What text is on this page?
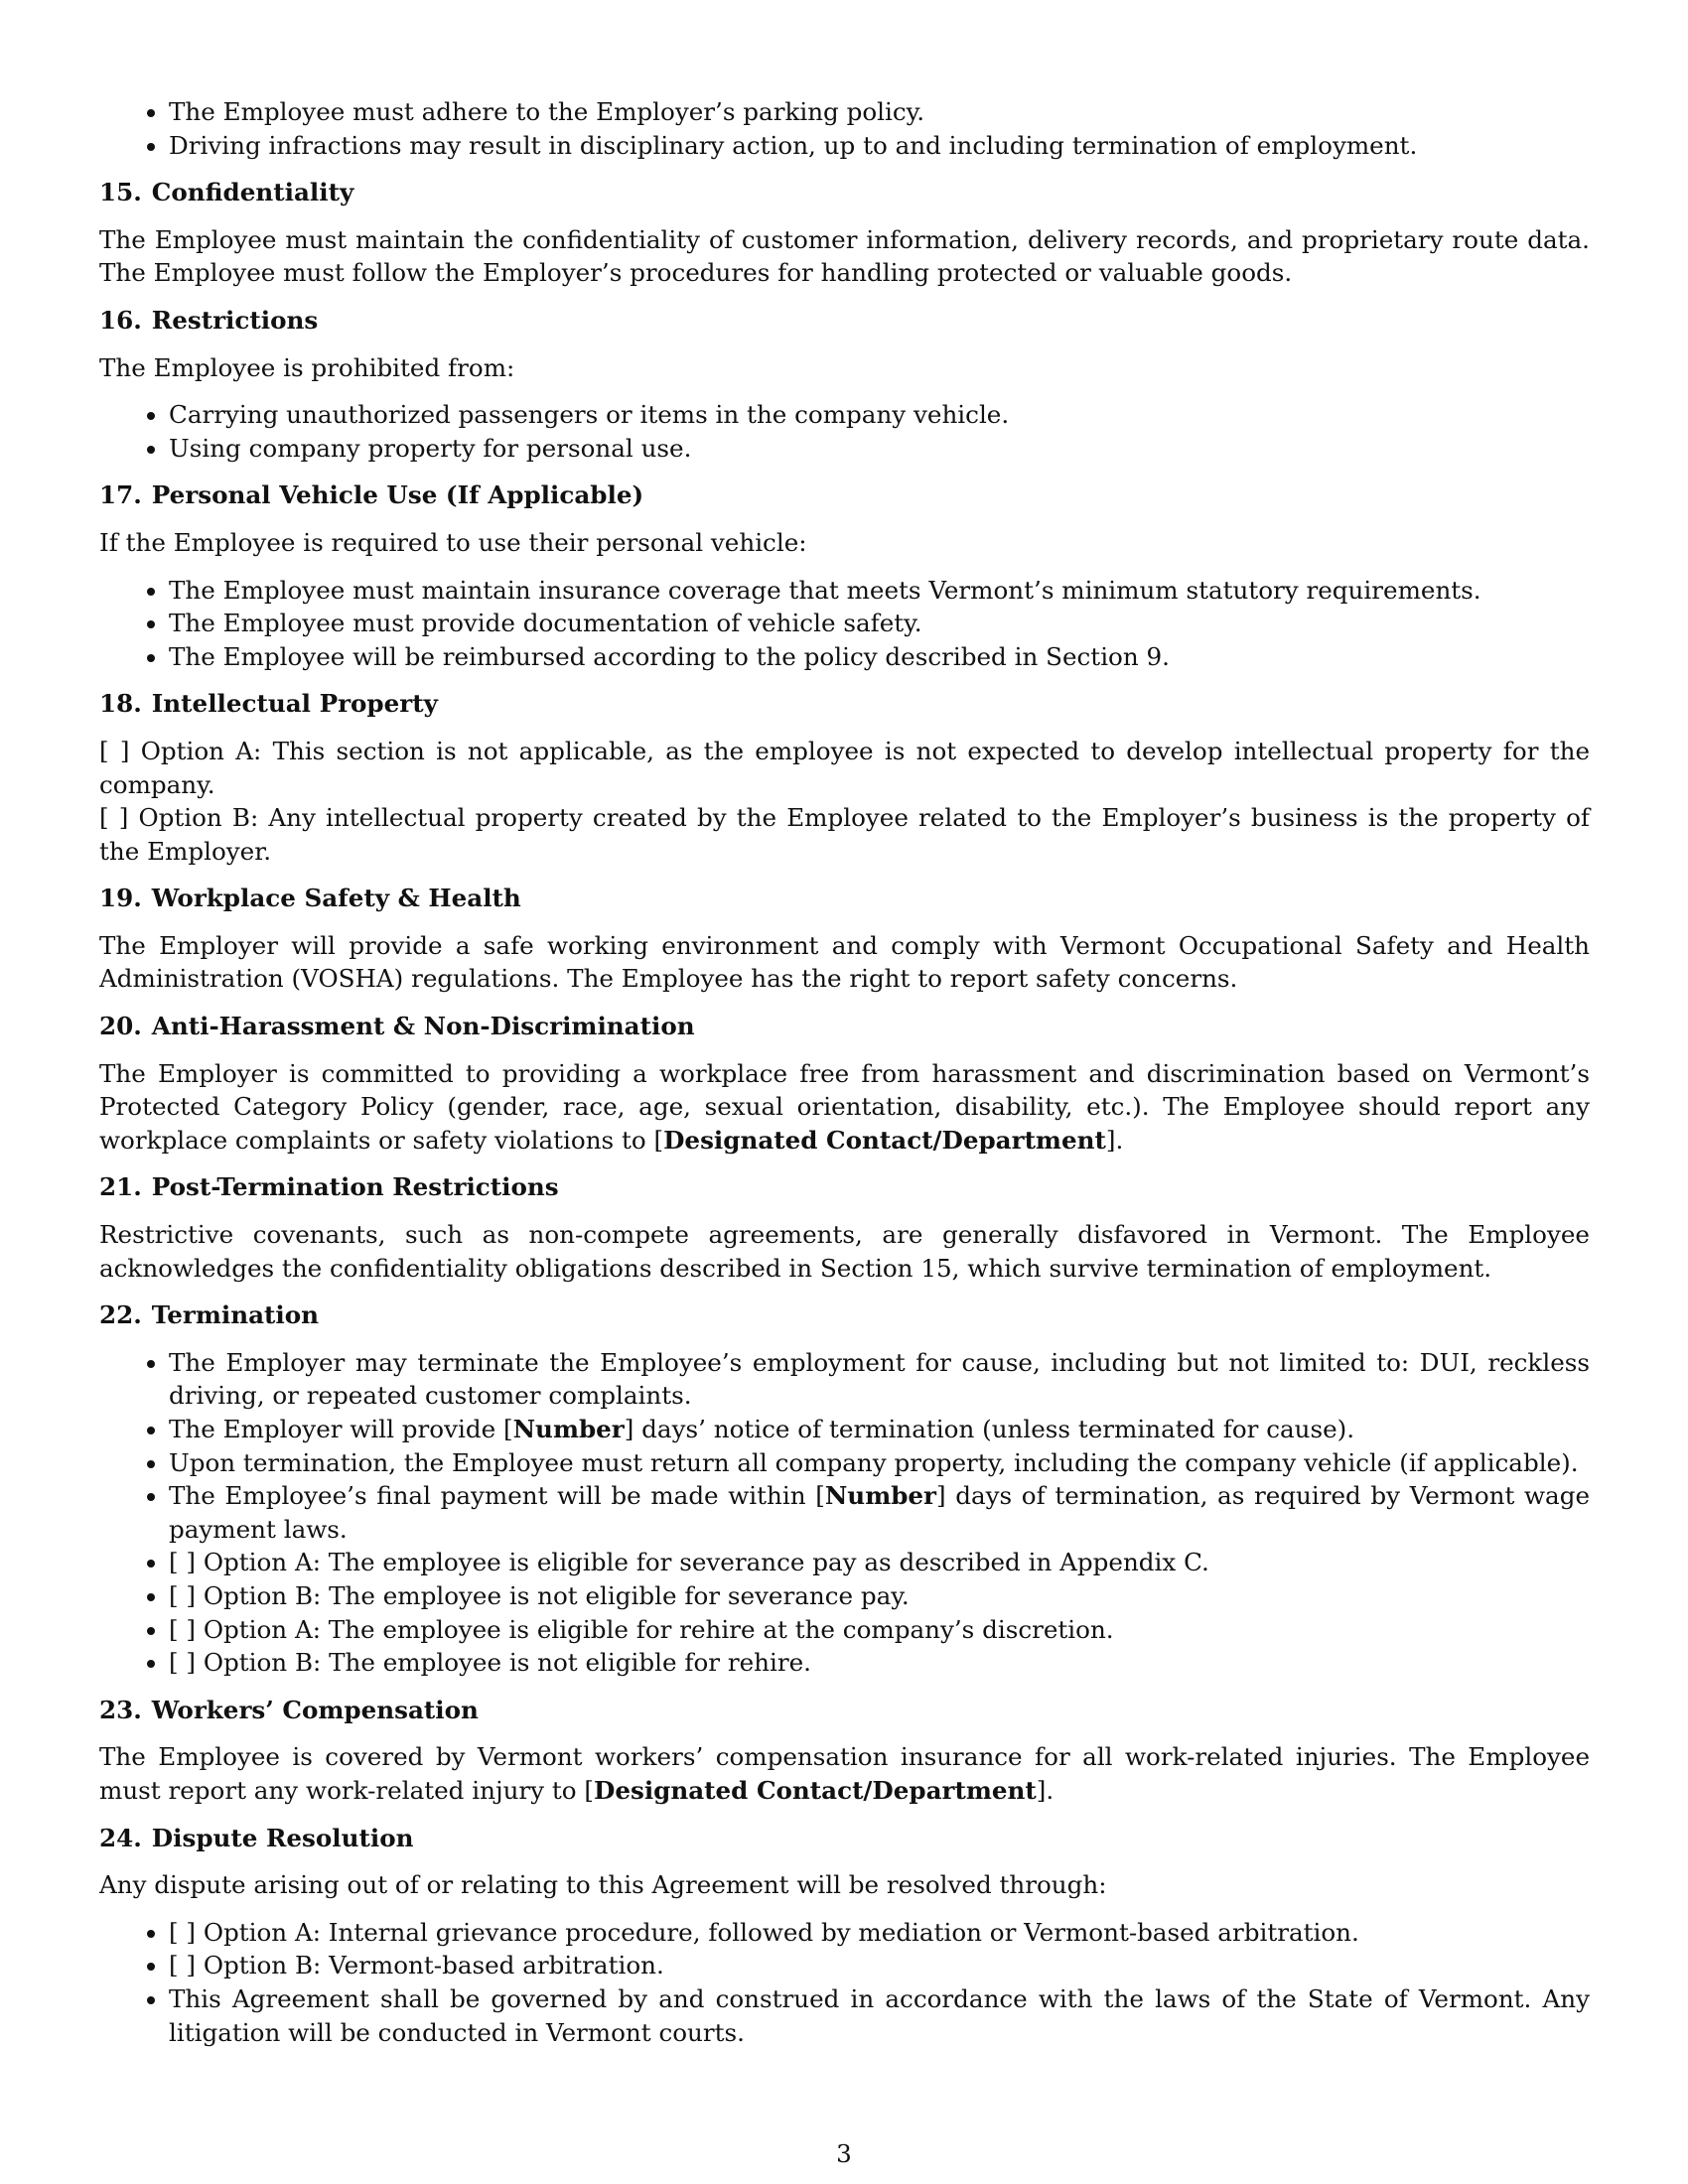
• The Employee must adhere to the Employer’s parking policy.
• Driving infractions may result in disciplinary action, up to and including termination of employment.
15. Confidentiality

The Employee must maintain the confidentiality of customer information, delivery records, and proprietary route data. The Employee must follow the Employer’s procedures for handling protected or valuable goods.

16. Restrictions

The Employee is prohibited from:

• Carrying unauthorized passengers or items in the company vehicle.
• Using company property for personal use.
17. Personal Vehicle Use (If Applicable)

If the Employee is required to use their personal vehicle:

• The Employee must maintain insurance coverage that meets Vermont’s minimum statutory requirements.
• The Employee must provide documentation of vehicle safety.
• The Employee will be reimbursed according to the policy described in Section 9.
18. Intellectual Property

[ ] Option A: This section is not applicable, as the employee is not expected to develop intellectual property for the company.

[ ] Option B: Any intellectual property created by the Employee related to the Employer’s business is the property of the Employer.

19. Workplace Safety & Health

The Employer will provide a safe working environment and comply with Vermont Occupational Safety and Health Administration (VOSHA) regulations. The Employee has the right to report safety concerns.

20. Anti-Harassment & Non-Discrimination

The Employer is committed to providing a workplace free from harassment and discrimination based on Vermont’s Protected Category Policy (gender, race, age, sexual orientation, disability, etc.). The Employee should report any workplace complaints or safety violations to [Designated Contact/Department].

21. Post-Termination Restrictions

Restrictive covenants, such as non-compete agreements, are generally disfavored in Vermont. The Employee acknowledges the confidentiality obligations described in Section 15, which survive termination of employment.

22. Termination
• The Employer may terminate the Employee’s employment for cause, including but not limited to: DUI, reckless driving, or repeated customer complaints.
• The Employer will provide [Number] days’ notice of termination (unless terminated for cause).
• Upon termination, the Employee must return all company property, including the company vehicle (if applicable).
• The Employee’s final payment will be made within [Number] days of termination, as required by Vermont wage payment laws.
• [ ] Option A: The employee is eligible for severance pay as described in Appendix C.
• [ ] Option B: The employee is not eligible for severance pay.
• [ ] Option A: The employee is eligible for rehire at the company’s discretion.
• [ ] Option B: The employee is not eligible for rehire.
23. Workers’ Compensation

The Employee is covered by Vermont workers’ compensation insurance for all work-related injuries. The Employee must report any work-related injury to [Designated Contact/Department].

24. Dispute Resolution

Any dispute arising out of or relating to this Agreement will be resolved through:

• [ ] Option A: Internal grievance procedure, followed by mediation or Vermont-based arbitration.
• [ ] Option B: Vermont-based arbitration.
• This Agreement shall be governed by and construed in accordance with the laws of the State of Vermont. Any litigation will be conducted in Vermont courts.
3
